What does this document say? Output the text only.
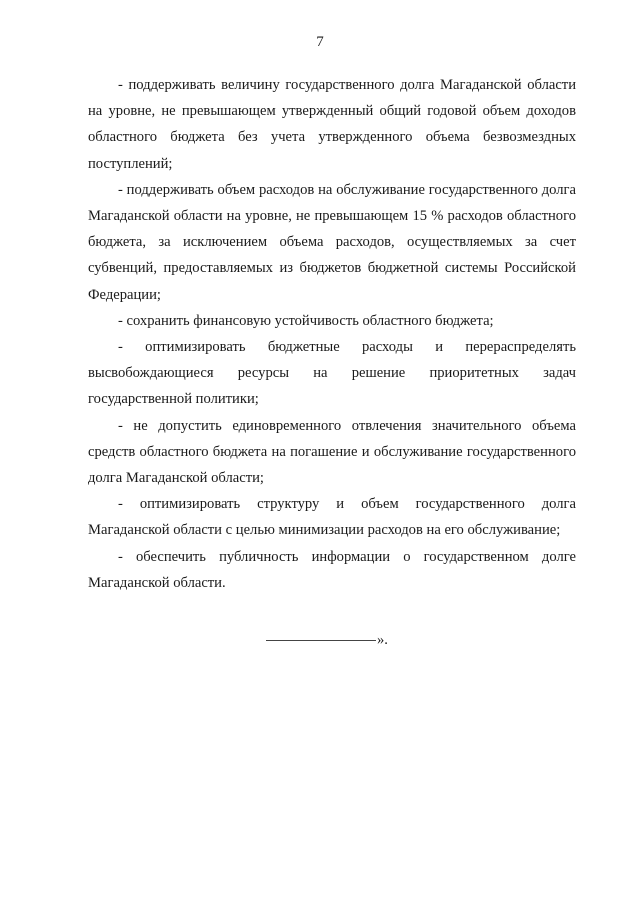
7

- поддерживать величину государственного долга Магаданской области на уровне, не превышающем утвержденный общий годовой объем доходов областного бюджета без учета утвержденного объема безвозмездных поступлений;

- поддерживать объем расходов на обслуживание государственного долга Магаданской области на уровне, не превышающем 15 % расходов областного бюджета, за исключением объема расходов, осуществляемых за счет субвенций, предоставляемых из бюджетов бюджетной системы Российской Федерации;

- сохранить финансовую устойчивость областного бюджета;

- оптимизировать бюджетные расходы и перераспределять высвобождающиеся ресурсы на решение приоритетных задач государственной политики;

- не допустить единовременного отвлечения значительного объема средств областного бюджета на погашение и обслуживание государственного долга Магаданской области;

- оптимизировать структуру и объем государственного долга Магаданской области с целью минимизации расходов на его обслуживание;

- обеспечить публичность информации о государственном долге Магаданской области.

».
